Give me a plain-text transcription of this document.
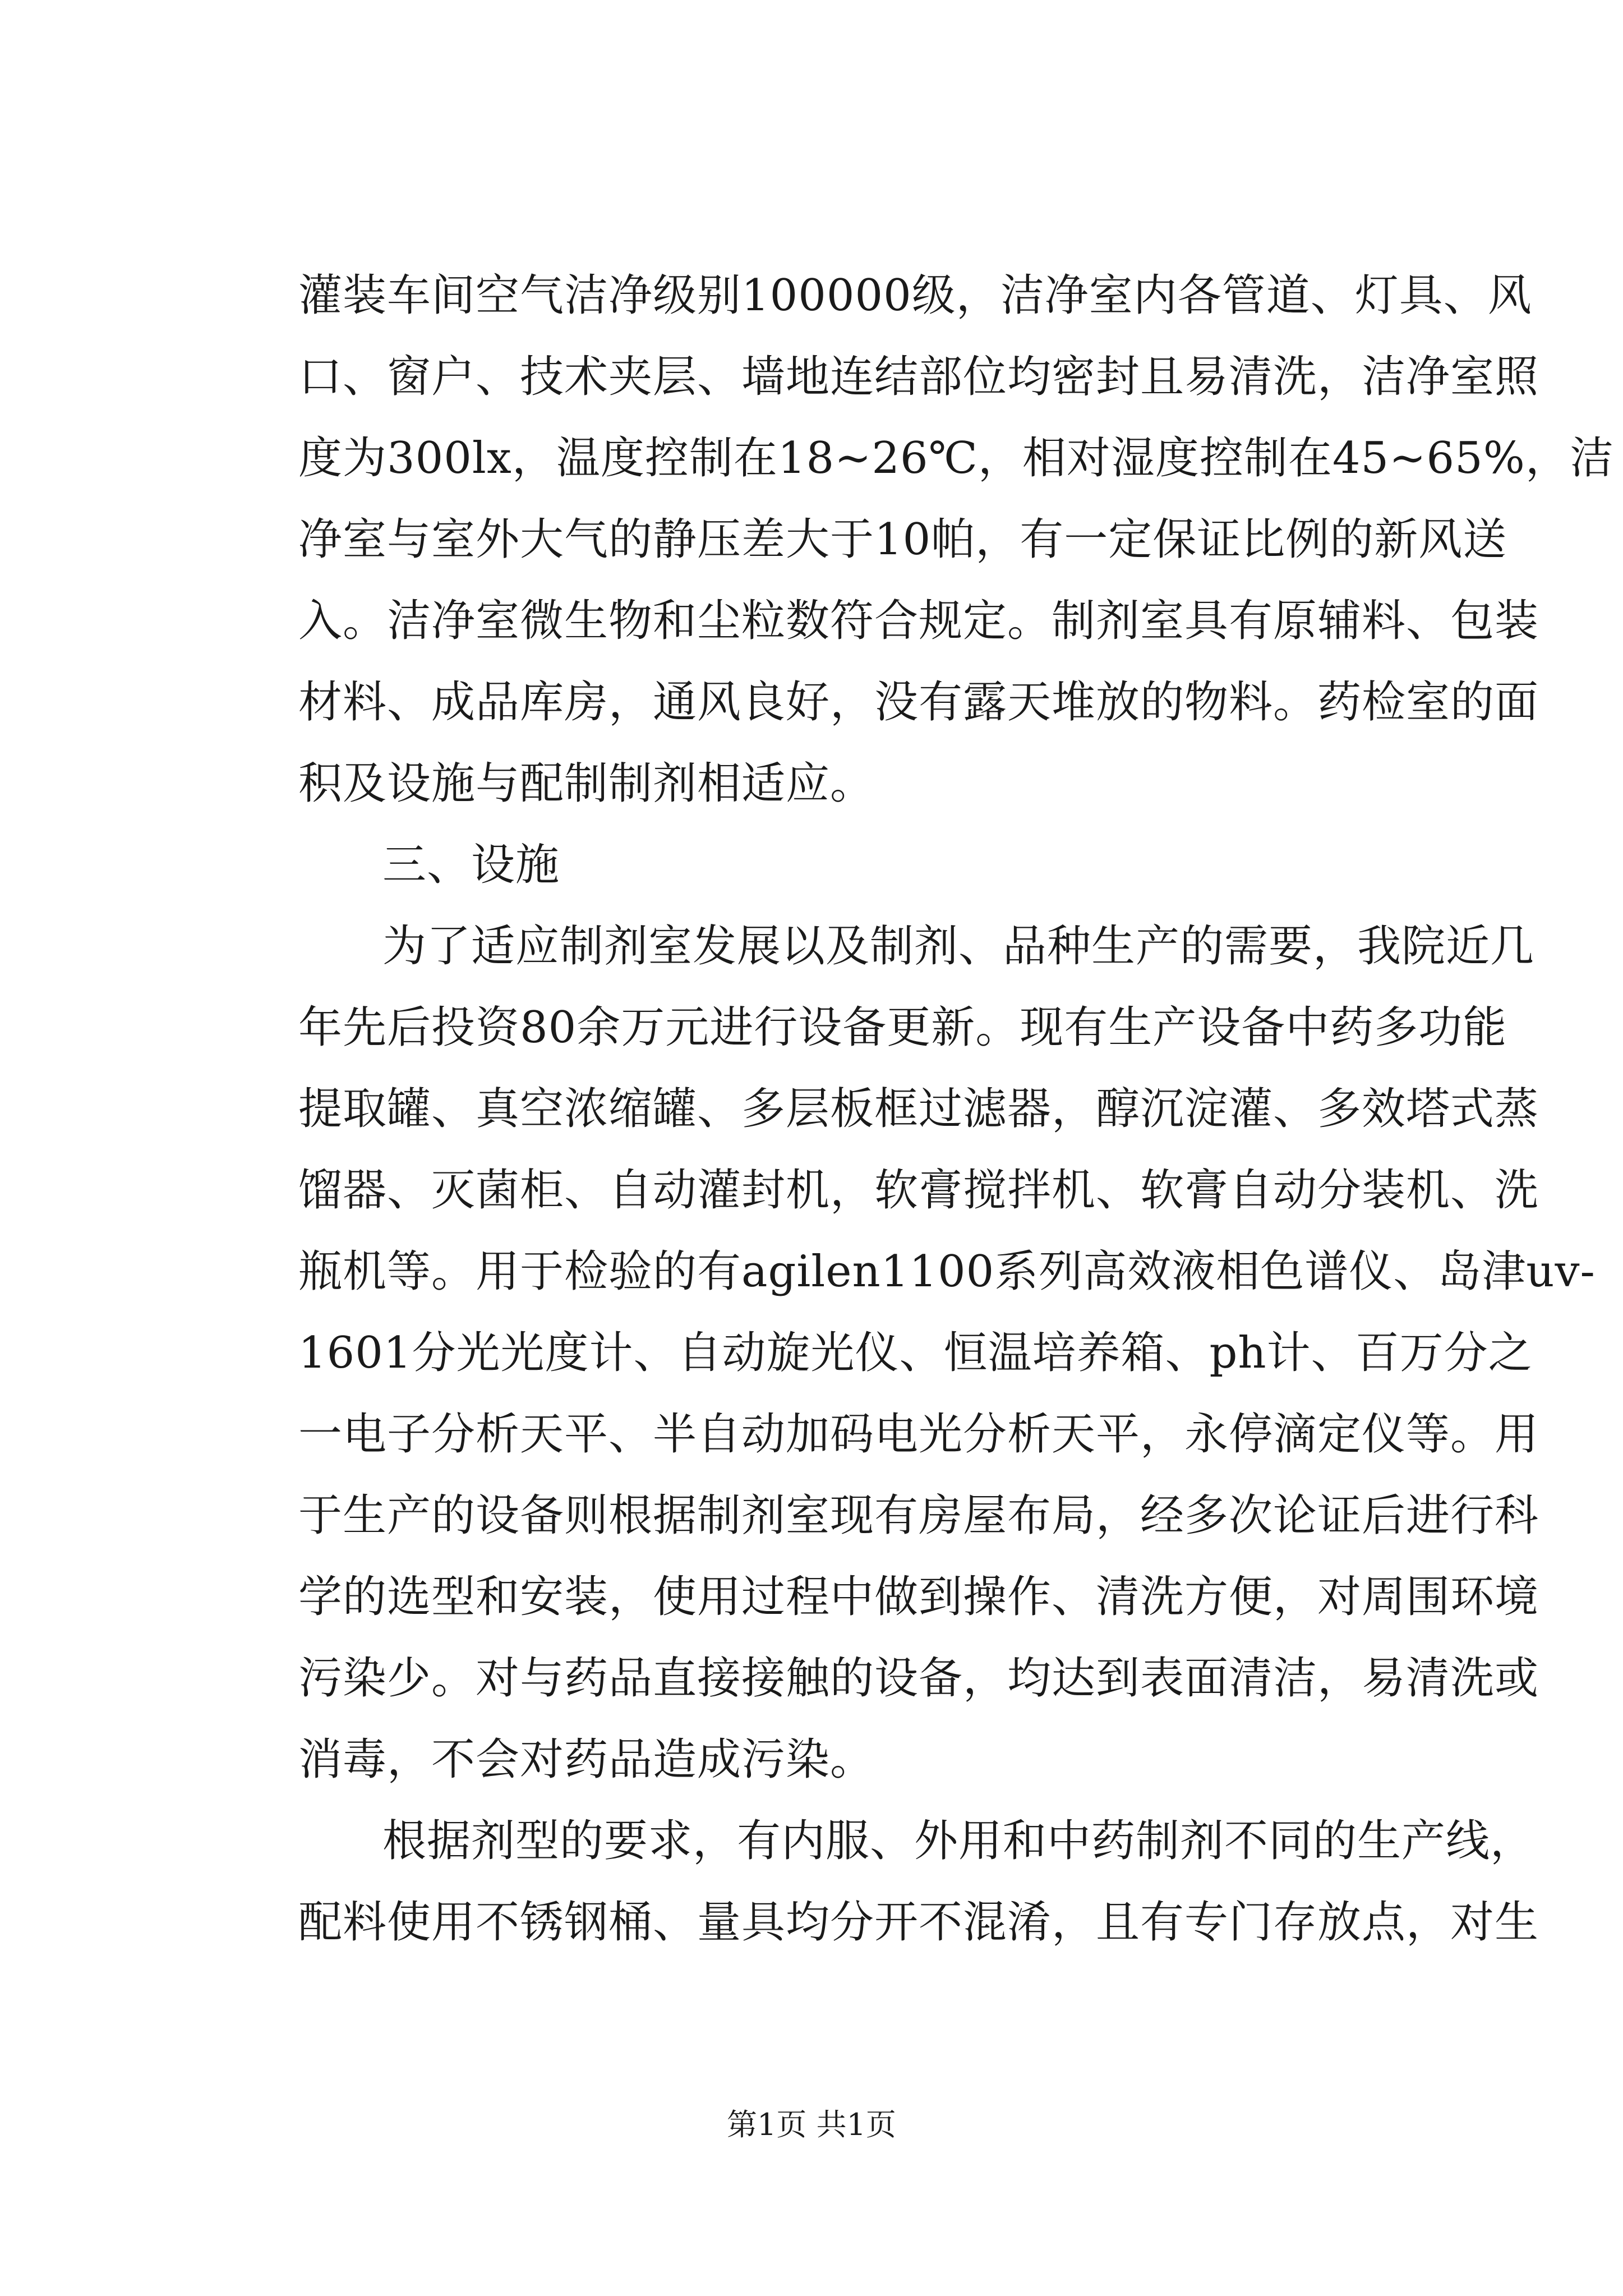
灌装车间空气洁净级别100000级，洁净室内各管道、灯具、风
口、窗户、技术夹层、墙地连结部位均密封且易清洗，洁净室照
度为300lx，温度控制在18~26℃，相对湿度控制在45~65%，洁
净室与室外大气的静压差大于10帕，有一定保证比例的新风送
入。洁净室微生物和尘粒数符合规定。制剂室具有原辅料、包装
材料、成品库房，通风良好，没有露天堆放的物料。药检室的面
积及设施与配制制剂相适应。
三、设施
为了适应制剂室发展以及制剂、品种生产的需要，我院近几
年先后投资80余万元进行设备更新。现有生产设备中药多功能
提取罐、真空浓缩罐、多层板框过滤器，醇沉淀灌、多效塔式蒸
馏器、灭菌柜、自动灌封机，软膏搅拌机、软膏自动分装机、洗
瓶机等。用于检验的有agilen1100系列高效液相色谱仪、岛津uv-
1601分光光度计、自动旋光仪、恒温培养箱、ph计、百万分之
一电子分析天平、半自动加码电光分析天平，永停滴定仪等。用
于生产的设备则根据制剂室现有房屋布局，经多次论证后进行科
学的选型和安装，使用过程中做到操作、清洗方便，对周围环境
污染少。对与药品直接接触的设备，均达到表面清洁，易清洗或
消毒，不会对药品造成污染。
根据剂型的要求，有内服、外用和中药制剂不同的生产线，
配料使用不锈钢桶、量具均分开不混淆，且有专门存放点，对生
第1页 共1页
